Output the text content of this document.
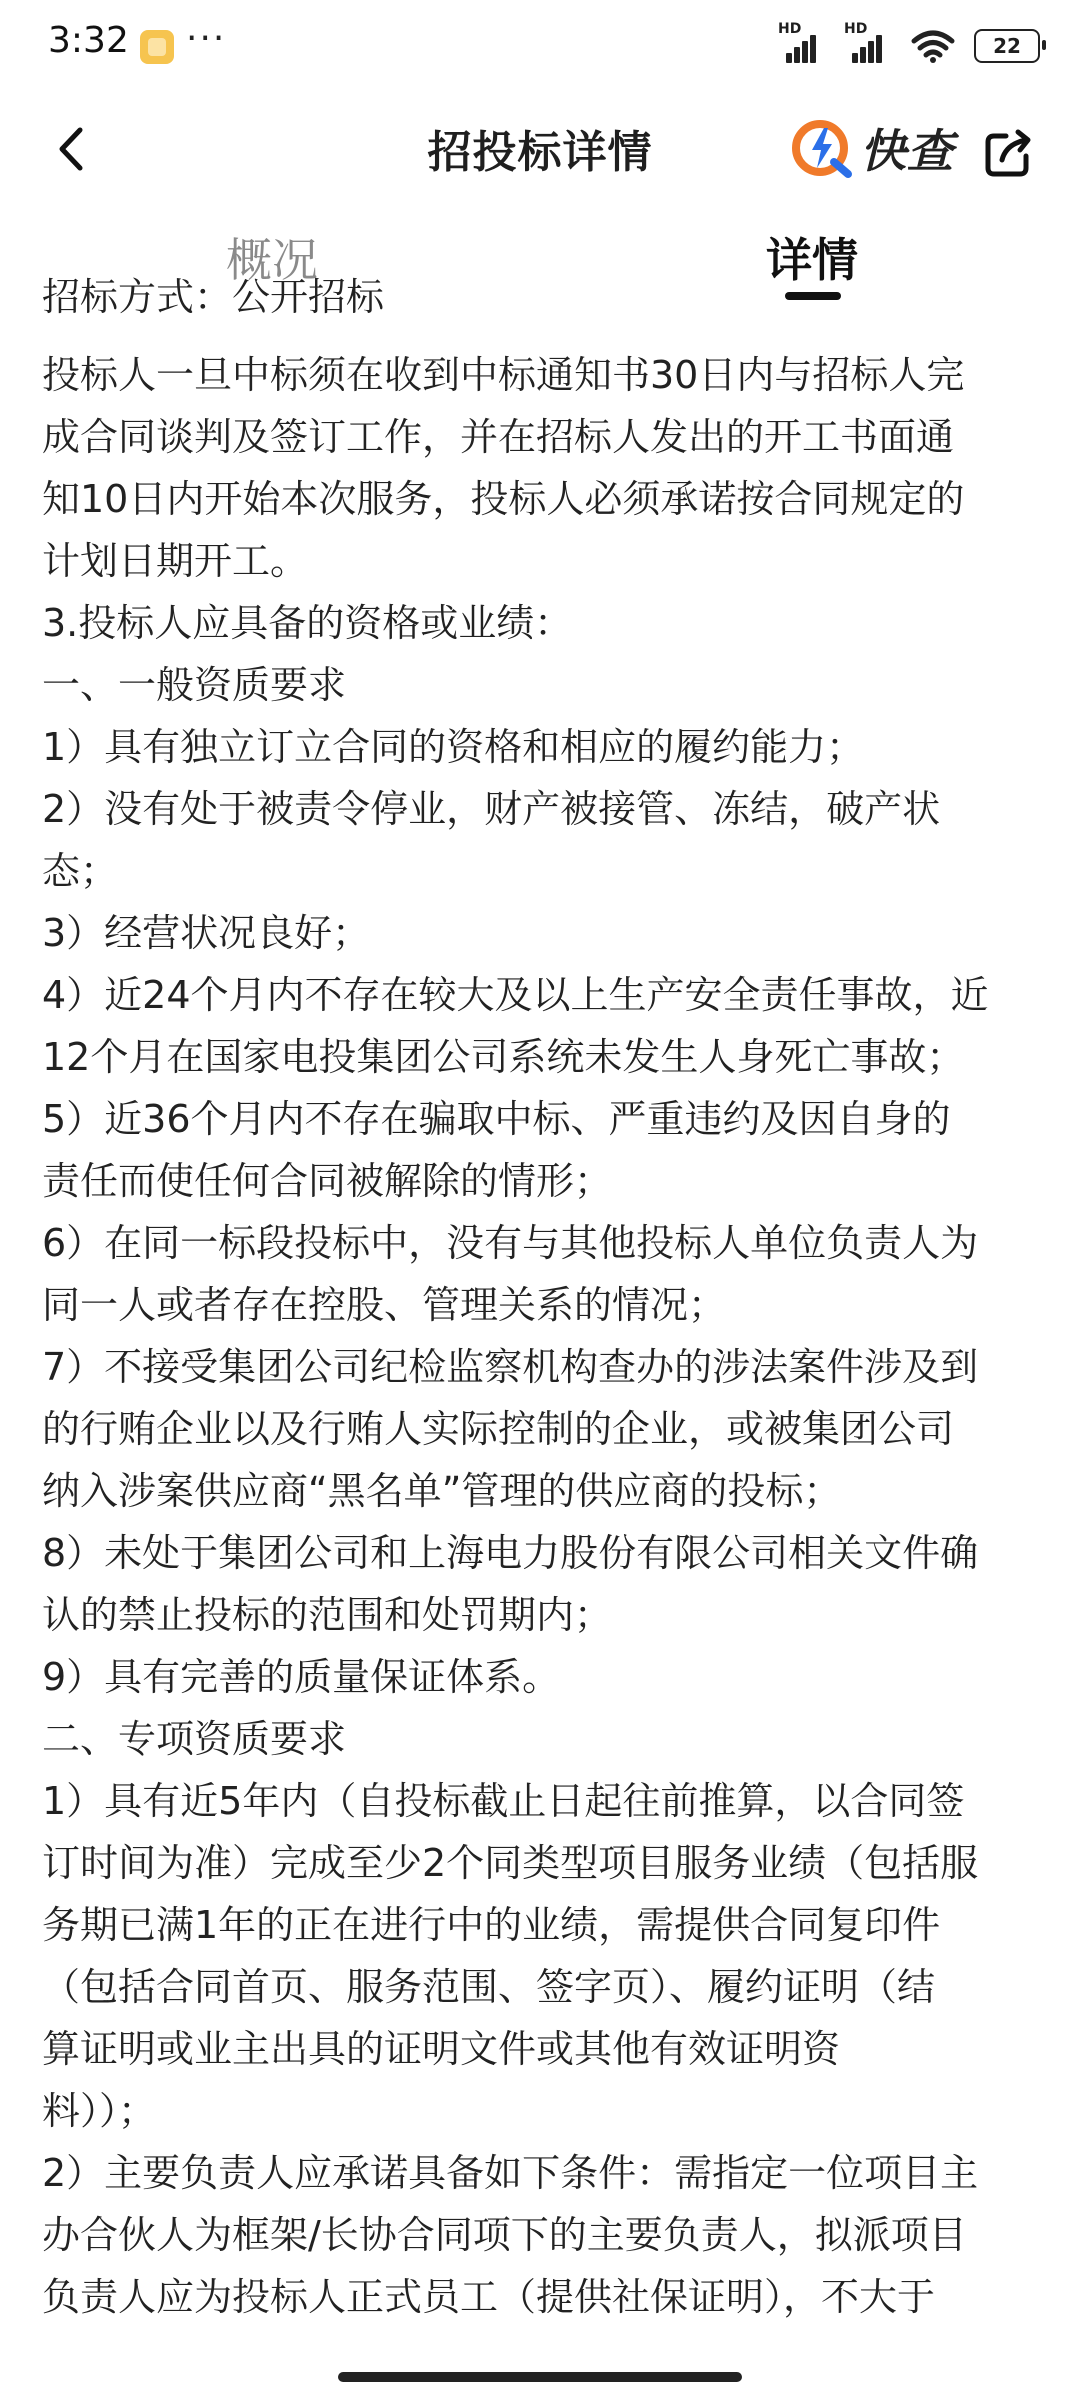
3:32 ···	HD	HD
22
招投标详情	快查
概况	详情
招标方式：公开招标
投标人一旦中标须在收到中标通知书30日内与招标人完
成合同谈判及签订工作，并在招标人发出的开工书面通
知10日内开始本次服务，投标人必须承诺按合同规定的
计划日期开工。
3.投标人应具备的资格或业绩：
一、一般资质要求
1）具有独立订立合同的资格和相应的履约能力；
2）没有处于被责令停业，财产被接管、冻结，破产状
态；
3）经营状况良好；
4）近24个月内不存在较大及以上生产安全责任事故，近
12个月在国家电投集团公司系统未发生人身死亡事故；
5）近36个月内不存在骗取中标、严重违约及因自身的
责任而使任何合同被解除的情形；
6）在同一标段投标中，没有与其他投标人单位负责人为
同一人或者存在控股、管理关系的情况；
7）不接受集团公司纪检监察机构查办的涉法案件涉及到
的行贿企业以及行贿人实际控制的企业，或被集团公司
纳入涉案供应商“黑名单”管理的供应商的投标；
8）未处于集团公司和上海电力股份有限公司相关文件确
认的禁止投标的范围和处罚期内；
9）具有完善的质量保证体系。
二、专项资质要求
1）具有近5年内（自投标截止日起往前推算，以合同签
订时间为准）完成至少2个同类型项目服务业绩（包括服
务期已满1年的正在进行中的业绩，需提供合同复印件
（包括合同首页、服务范围、签字页）、履约证明（结
算证明或业主出具的证明文件或其他有效证明资
料））；
2）主要负责人应承诺具备如下条件：需指定一位项目主
办合伙人为框架/长协合同项下的主要负责人，拟派项目
负责人应为投标人正式员工（提供社保证明），不大于
